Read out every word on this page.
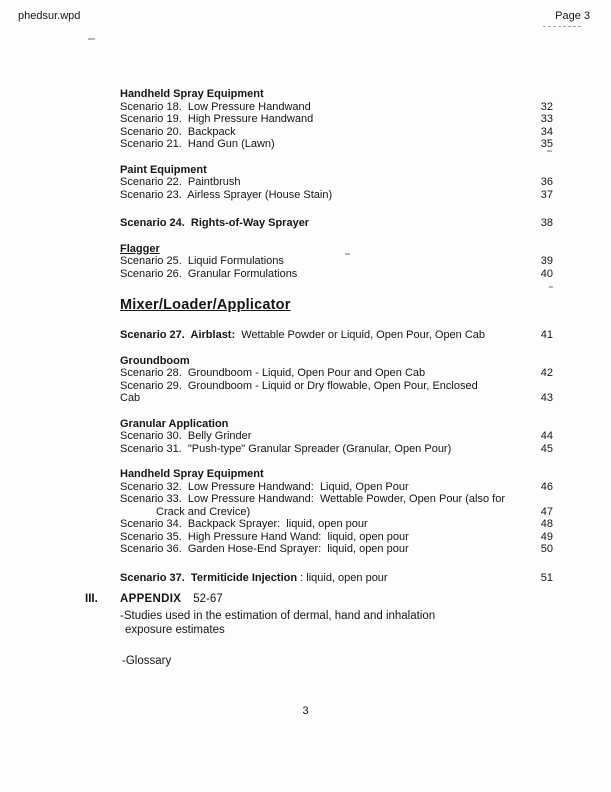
phedsur.wpd	Page 3
Handheld Spray Equipment
Scenario 18.  Low Pressure Handwand	32
Scenario 19.  High Pressure Handwand	33
Scenario 20.  Backpack	34
Scenario 21.  Hand Gun (Lawn)	35
Paint Equipment
Scenario 22.  Paintbrush	36
Scenario 23.  Airless Sprayer (House Stain)	37
Scenario 24.  Rights-of-Way Sprayer	38
Flagger
Scenario 25.  Liquid Formulations	39
Scenario 26.  Granular Formulations	40
Mixer/Loader/Applicator
Scenario 27.  Airblast:  Wettable Powder or Liquid, Open Pour, Open Cab	41
Groundboom
Scenario 28.  Groundboom - Liquid, Open Pour and Open Cab	42
Scenario 29.  Groundboom - Liquid or Dry flowable, Open Pour, Enclosed
Cab	43
Granular Application
Scenario 30.  Belly Grinder	44
Scenario 31.  "Push-type" Granular Spreader (Granular, Open Pour)	45
Handheld Spray Equipment
Scenario 32.  Low Pressure Handwand:  Liquid, Open Pour	46
Scenario 33.  Low Pressure Handwand:  Wettable Powder, Open Pour (also for
Crack and Crevice)	47
Scenario 34.  Backpack Sprayer:  liquid, open pour	48
Scenario 35.  High Pressure Hand Wand:  liquid, open pour	49
Scenario 36.  Garden Hose-End Sprayer:  liquid, open pour	50
Scenario 37.  Termiticide Injection : liquid, open pour	51
III.	APPENDIX 52-67
-Studies used in the estimation of dermal, hand and inhalation
exposure estimates
-Glossary
3
